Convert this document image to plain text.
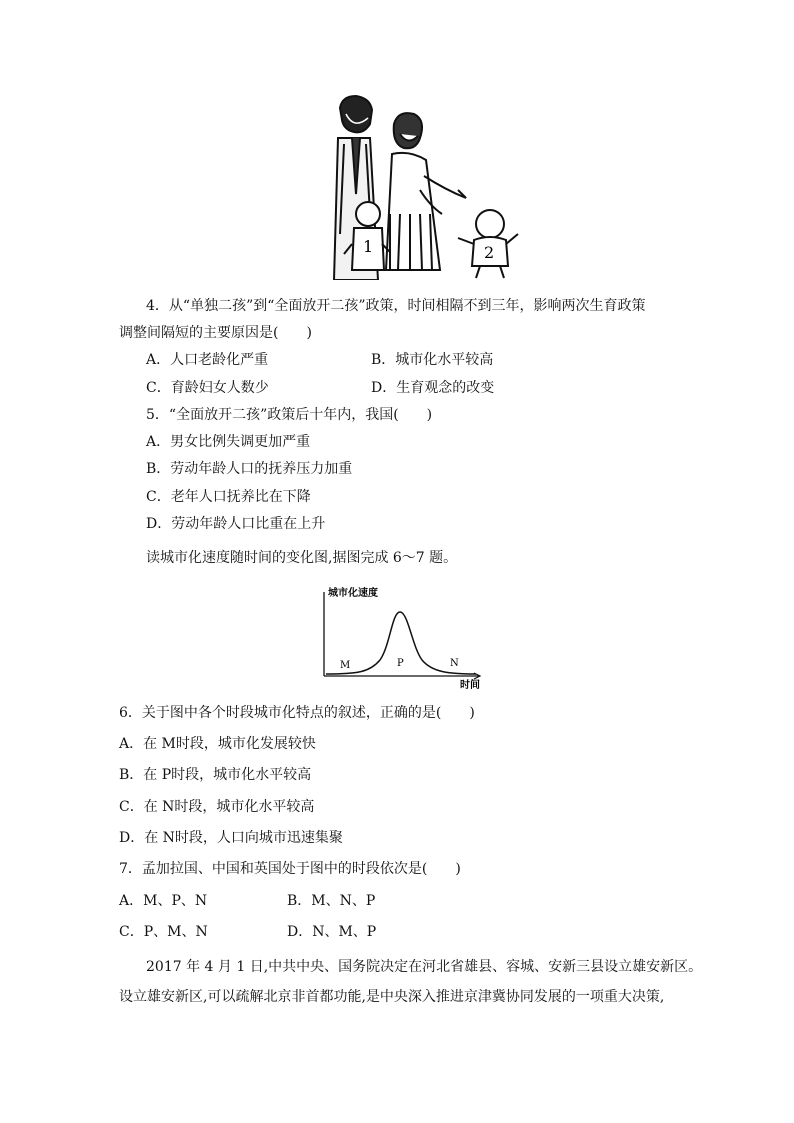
1	2
4．从“单独二孩”到“全面放开二孩”政策，时间相隔不到三年，影响两次生育政策
调整间隔短的主要原因是(　　)
A．人口老龄化严重	B．城市化水平较高
C．育龄妇女人数少	D．生育观念的改变
5．“全面放开二孩”政策后十年内，我国(　　)
A．男女比例失调更加严重
B．劳动年龄人口的抚养压力加重
C．老年人口抚养比在下降
D．劳动年龄人口比重在上升
读城市化速度随时间的变化图,据图完成 6～7 题。
城市化速度
时间
M	P	N
6．关于图中各个时段城市化特点的叙述，正确的是(　　)
A．在 M时段，城市化发展较快
B．在 P时段，城市化水平较高
C．在 N时段，城市化水平较高
D．在 N时段，人口向城市迅速集聚
7．孟加拉国、中国和英国处于图中的时段依次是(　　)
A．M、P、N	B．M、N、P
C．P、M、N	D．N、M、P
2017 年 4 月 1 日,中共中央、国务院决定在河北省雄县、容城、安新三县设立雄安新区。
设立雄安新区,可以疏解北京非首都功能,是中央深入推进京津冀协同发展的一项重大决策,
